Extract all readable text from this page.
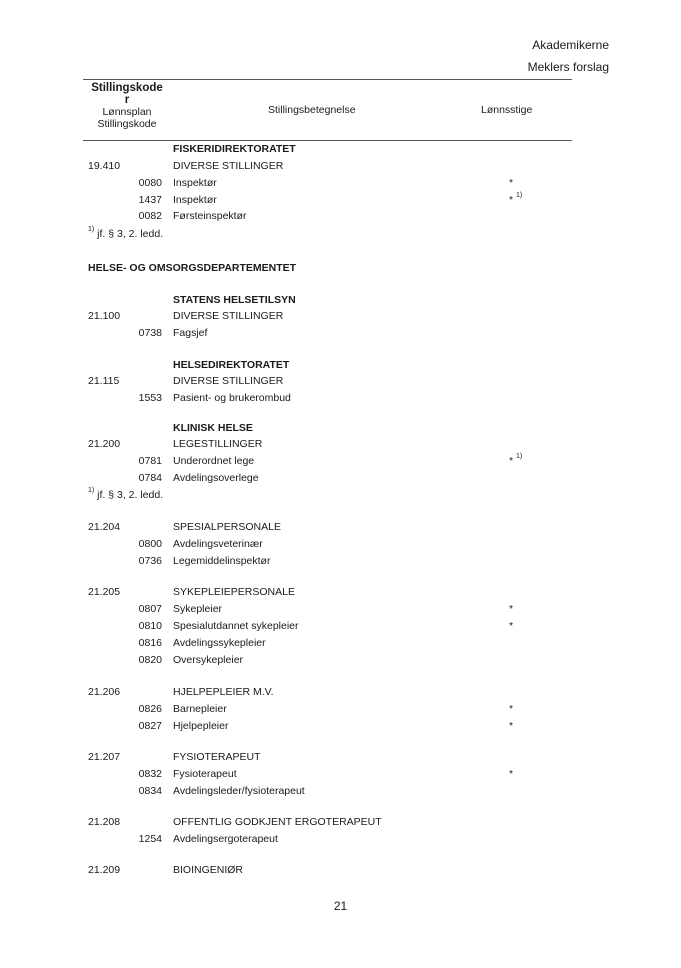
Akademikerne
Meklers forslag
Stillingskode
r
Lønnsplan
Stillingskode
Stillingsbetegnelse	Lønnsstige
FISKERIDIREKTORATET
19.410	DIVERSE STILLINGER
0080 Inspektør	*
1437 Inspektør	* $^{1)}$
0082 Førsteinspektør
$^{1)}$ jf. § 3, 2. ledd.
HELSE- OG OMSORGSDEPARTEMENTET
STATENS HELSETILSYN
21.100	DIVERSE STILLINGER
0738 Fagsjef
HELSEDIREKTORATET
21.115	DIVERSE STILLINGER
1553 Pasient- og brukerombud
KLINISK HELSE
21.200	LEGESTILLINGER
0781 Underordnet lege	* $^{1)}$
0784 Avdelingsoverlege
$^{1)}$ jf. § 3, 2. ledd.
21.204	SPESIALPERSONALE
0800 Avdelingsveterinær
0736 Legemiddelinspektør
21.205	SYKEPLEIEPERSONALE
0807 Sykepleier	*
0810 Spesialutdannet sykepleier	*
0816 Avdelingssykepleier
0820 Oversykepleier
21.206	HJELPEPLEIER M.V.
0826 Barnepleier	*
0827 Hjelpepleier	*
21.207	FYSIOTERAPEUT
0832 Fysioterapeut	*
0834 Avdelingsleder/fysioterapeut
21.208	OFFENTLIG GODKJENT ERGOTERAPEUT
1254 Avdelingsergoterapeut
21.209	BIOINGENIØR
21
